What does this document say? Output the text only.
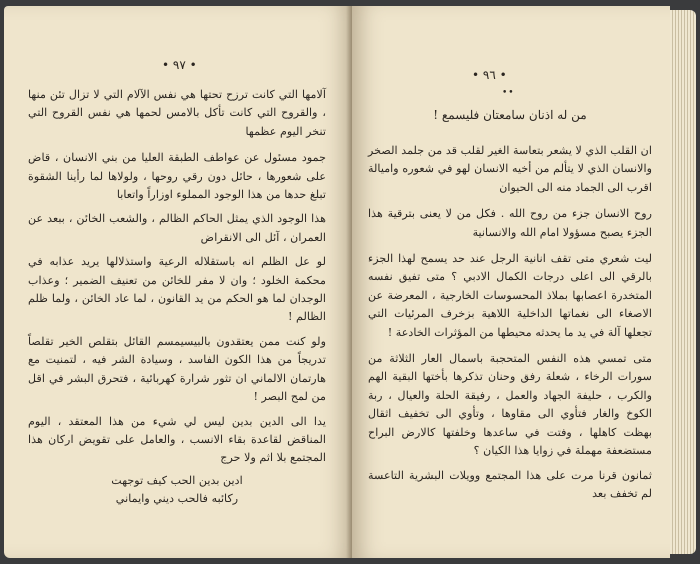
• ٩٧ •

آلامها التي كانت ترزح تحتها هي نفس الآلام التي لا تزال تئن منها ، والقروح التي كانت تأكل بالامس لحمها هي نفس القروح التي تنخر اليوم عظمها

جمود مسئول عن عواطف الطبقة العليا من بني الانسان ، قاض على شعورها ، حائل دون رقي روحها ، ولولاها لما رأينا الشقوة تبلغ حدها من هذا الوجود المملوء اوزاراً واتعابا

هذا الوجود الذي يمثل الحاكم الظالم ، والشعب الخائن ، ببعد عن العمران ، آئل الى الانقراض

لو عل الظلم انه باستقلاله الرعية واستذلالها يريد عذابه في محكمة الخلود ؛ وان لا مفر للخائن من تعنيف الضمير ؛ وعذاب الوجدان لما هو الحكم من يد القانون ، لما عاد الخائن ، ولما ظلم الظالم !

ولو كنت ممن يعتقدون بالبيسيمسم القائل بتقلص الخير تقلصاً تدريجاً من هذا الكون الفاسد ، وسيادة الشر فيه ، لتمنيت مع هارتمان الالماني ان تثور شرارة كهربائية ، فتحرق البشر في اقل من لمح البصر !

يدا الى الدين بدين ليس لي شيء من هذا المعتقد ، اليوم المناقض لقاعدة بقاء الانسب ، والعامل على تقويض اركان هذا المجتمع بلا اثم ولا حرج

ادين بدين الحب كيف توجهت

ركائبه فالحب ديني وايماني

• ٩٦ •
••
من له اذنان سامعتان فليسمع !

ان القلب الذي لا يشعر بتعاسة الغير لقلب قد من جلمد الصخر والانسان الذي لا يتألم من أخيه الانسان لهو في شعوره واميالة اقرب الى الجماد منه الى الحيوان

روح الانسان جزء من روح الله . فكل من لا يعنى بترقية هذا الجزء يصبح مسؤولا امام الله والانسانية

ليت شعري متى تقف انانية الرجل عند حد يسمح لهذا الجزء بالرقي الى اعلى درجات الكمال الادبي ؟ متى تفيق نفسه المتخدرة اعصابها بملاذ المحسوسات الخارجية ، المعرضة عن الاصغاء الى نغماتها الداخلية اللاهية بزخرف المرئيات التي تجعلها آلة في يد ما يحدثه محيطها من المؤثرات الخادعة !

متى تمسي هذه النفس المتحجبة باسمال العار الثلاثة من سورات الرخاء ، شعلة رفق وحنان تذكرها بأختها البقية الهم والكرب ، حليفة الجهاد والعمل ، رفيقة الحلة والعيال ، ربة الكوخ والغار فتأوي الى مقاوها ، وتأوي الى تخفيف اثقال بهظت كاهلها ، وفتت في ساعدها وخلفتها كالارض البراح مستضعفة مهملة في زوايا هذا الكيان ؟

ثمانون قرنا مرت على هذا المجتمع وويلات البشرية التاعسة لم تخفف بعد
